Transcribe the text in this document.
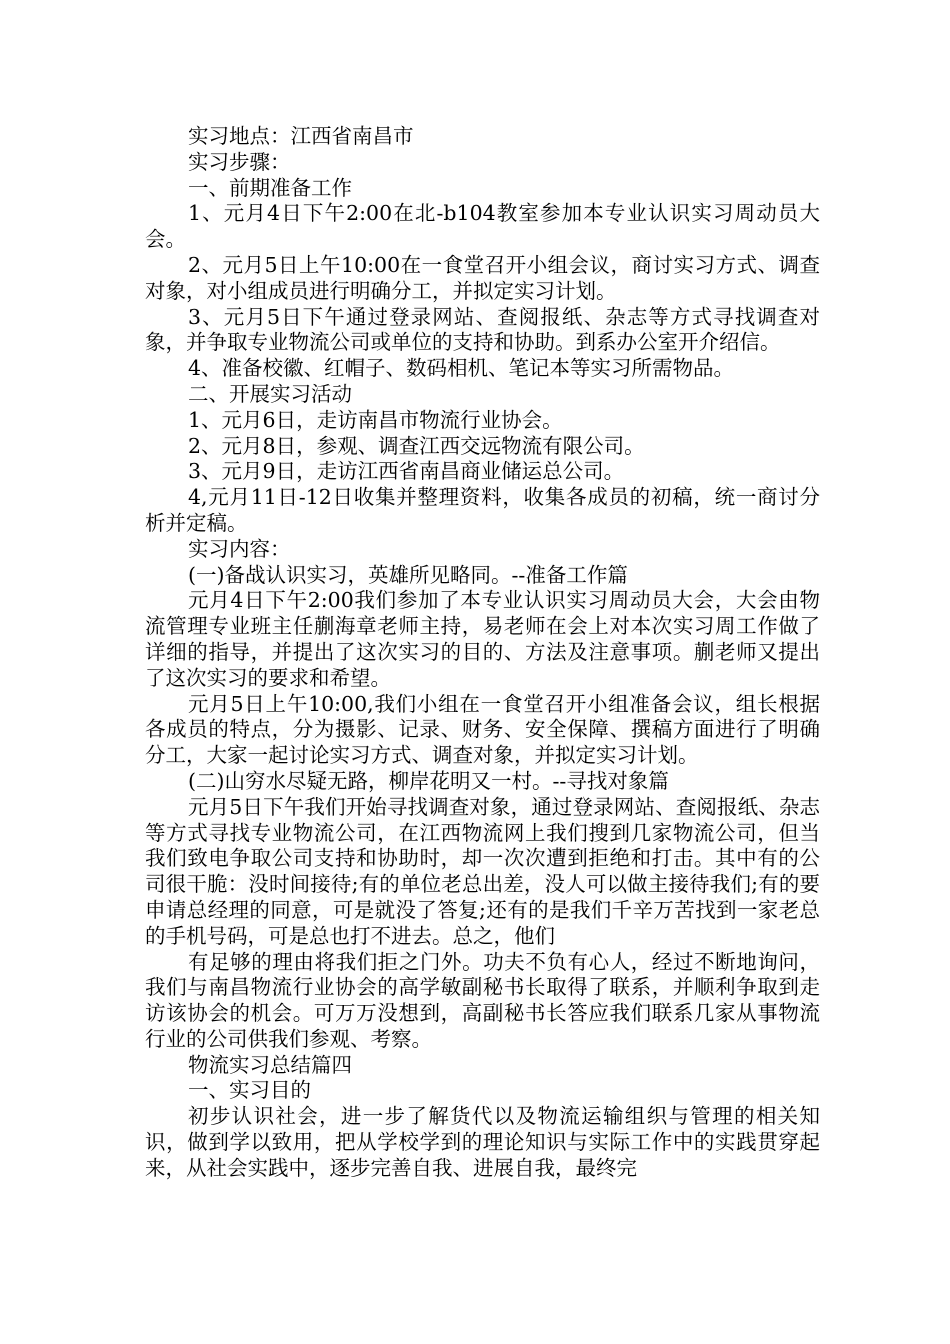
实习地点：江西省南昌市

实习步骤：

一、前期准备工作

1、元月4日下午2:00在北-b104教室参加本专业认识实习周动员大会。

2、元月5日上午10:00在一食堂召开小组会议，商讨实习方式、调查对象，对小组成员进行明确分工，并拟定实习计划。

3、元月5日下午通过登录网站、查阅报纸、杂志等方式寻找调查对象，并争取专业物流公司或单位的支持和协助。到系办公室开介绍信。

4、准备校徽、红帽子、数码相机、笔记本等实习所需物品。

二、开展实习活动

1、元月6日，走访南昌市物流行业协会。

2、元月8日，参观、调查江西交远物流有限公司。

3、元月9日，走访江西省南昌商业储运总公司。

4,元月11日-12日收集并整理资料，收集各成员的初稿，统一商讨分析并定稿。

实习内容：

(一)备战认识实习，英雄所见略同。--准备工作篇

元月4日下午2:00我们参加了本专业认识实习周动员大会，大会由物流管理专业班主任蒯海章老师主持，易老师在会上对本次实习周工作做了详细的指导，并提出了这次实习的目的、方法及注意事项。蒯老师又提出了这次实习的要求和希望。

元月5日上午10:00,我们小组在一食堂召开小组准备会议，组长根据各成员的特点，分为摄影、记录、财务、安全保障、撰稿方面进行了明确分工，大家一起讨论实习方式、调查对象，并拟定实习计划。

(二)山穷水尽疑无路，柳岸花明又一村。--寻找对象篇

元月5日下午我们开始寻找调查对象，通过登录网站、查阅报纸、杂志等方式寻找专业物流公司，在江西物流网上我们搜到几家物流公司，但当我们致电争取公司支持和协助时，却一次次遭到拒绝和打击。其中有的公司很干脆：没时间接待;有的单位老总出差，没人可以做主接待我们;有的要申请总经理的同意，可是就没了答复;还有的是我们千辛万苦找到一家老总的手机号码，可是总也打不进去。总之，他们

有足够的理由将我们拒之门外。功夫不负有心人，经过不断地询问，我们与南昌物流行业协会的高学敏副秘书长取得了联系，并顺利争取到走访该协会的机会。可万万没想到，高副秘书长答应我们联系几家从事物流行业的公司供我们参观、考察。

物流实习总结篇四

一、实习目的

初步认识社会，进一步了解货代以及物流运输组织与管理的相关知识，做到学以致用，把从学校学到的理论知识与实际工作中的实践贯穿起来，从社会实践中，逐步完善自我、进展自我，最终完
